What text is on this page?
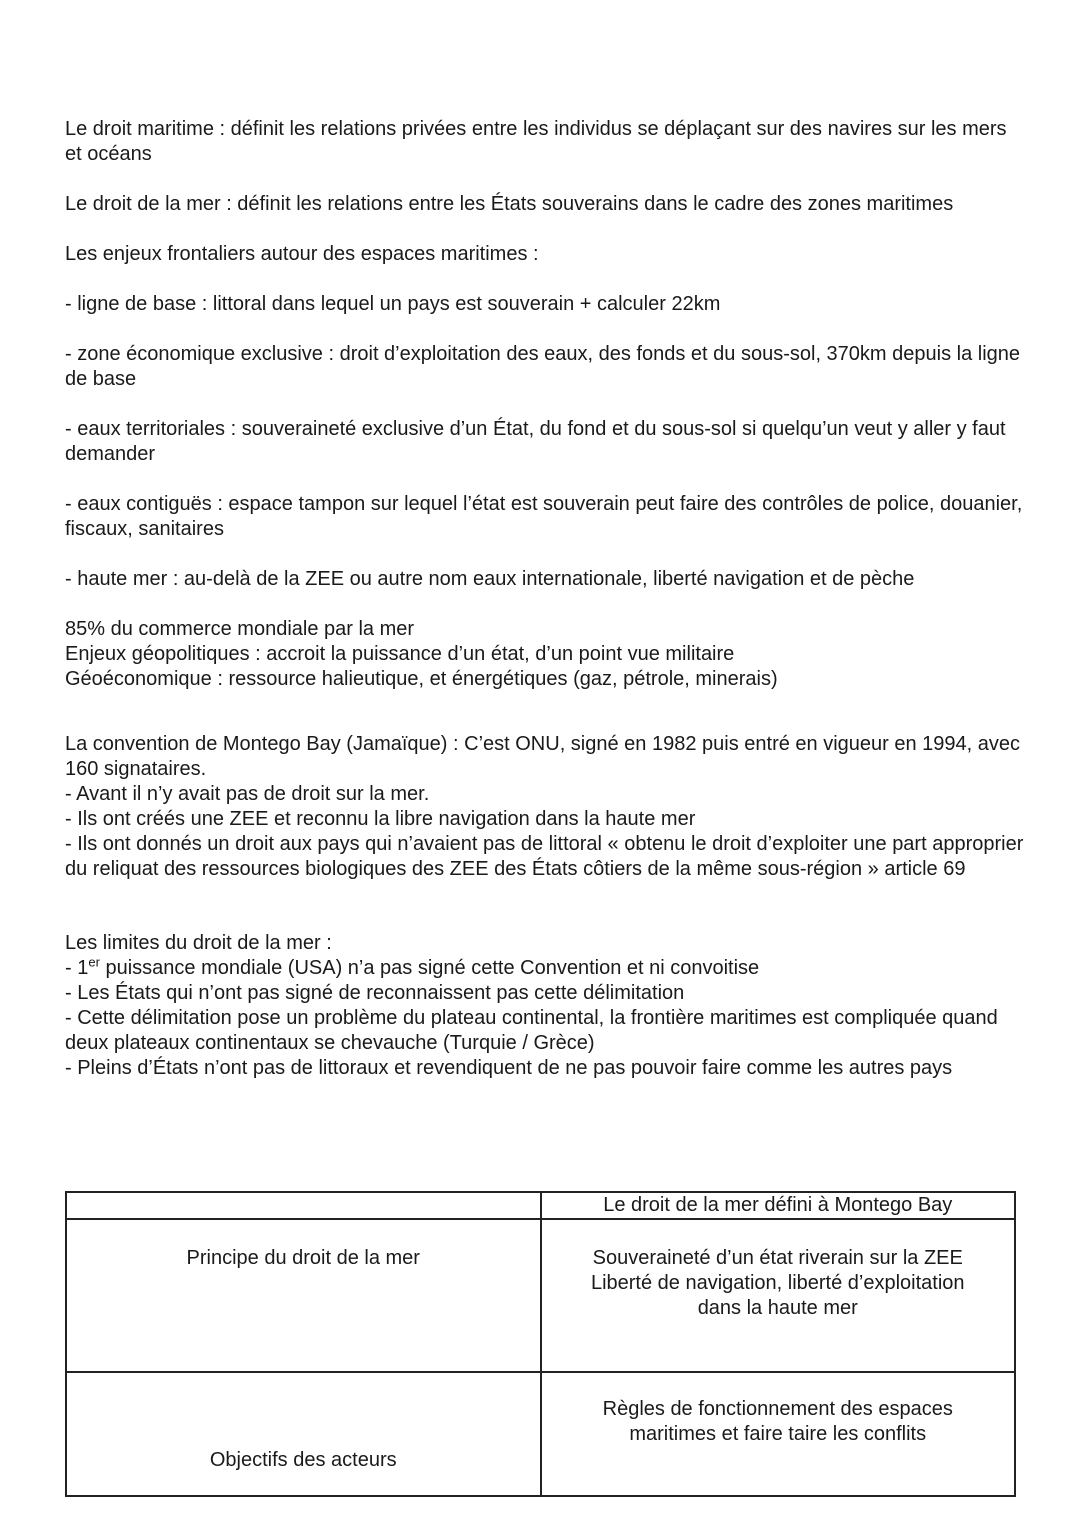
Le droit maritime : définit les relations privées entre les individus se déplaçant sur des navires sur les mers et océans

Le droit de la mer : définit les relations entre les États souverains dans le cadre des zones maritimes

Les enjeux frontaliers autour des espaces maritimes :

- ligne de base : littoral dans lequel un pays est souverain + calculer 22km

- zone économique exclusive : droit d’exploitation des eaux, des fonds et du sous-sol, 370km depuis la ligne de base

- eaux territoriales : souveraineté exclusive d’un État, du fond et du sous-sol si quelqu’un veut y aller y faut demander

- eaux contiguës : espace tampon sur lequel l’état est souverain peut faire des contrôles de police, douanier, fiscaux, sanitaires

- haute mer : au-delà de la ZEE ou autre nom eaux internationale, liberté navigation et de pèche

85% du commerce mondiale par la mer

Enjeux géopolitiques : accroit la puissance d’un état, d’un point vue militaire

Géoéconomique : ressource halieutique, et énergétiques (gaz, pétrole, minerais)

La convention de Montego Bay (Jamaïque) : C’est ONU, signé en 1982 puis entré en vigueur en 1994, avec 160 signataires.

- Avant il n’y avait pas de droit sur la mer.

- Ils ont créés une ZEE et reconnu la libre navigation dans la haute mer

- Ils ont donnés un droit aux pays qui n’avaient pas de littoral « obtenu le droit d’exploiter une part approprier du reliquat des ressources biologiques des ZEE des États côtiers de la même sous-région » article 69

Les limites du droit de la mer :

- 1er puissance mondiale (USA) n’a pas signé cette Convention et ni convoitise

- Les États qui n’ont pas signé de reconnaissent pas cette délimitation

- Cette délimitation pose un problème du plateau continental, la frontière maritimes est compliquée quand deux plateaux continentaux se chevauche (Turquie / Grèce)

- Pleins d’États n’ont pas de littoraux et revendiquent de ne pas pouvoir faire comme les autres pays

	Le droit de la mer défini à Montego Bay
Principe du droit de la mer	Souveraineté d’un état riverain sur la ZEE
Liberté de navigation, liberté d’exploitation
dans la haute mer

Objectifs des acteurs	Règles de fonctionnement des espaces
maritimes et faire taire les conflits
